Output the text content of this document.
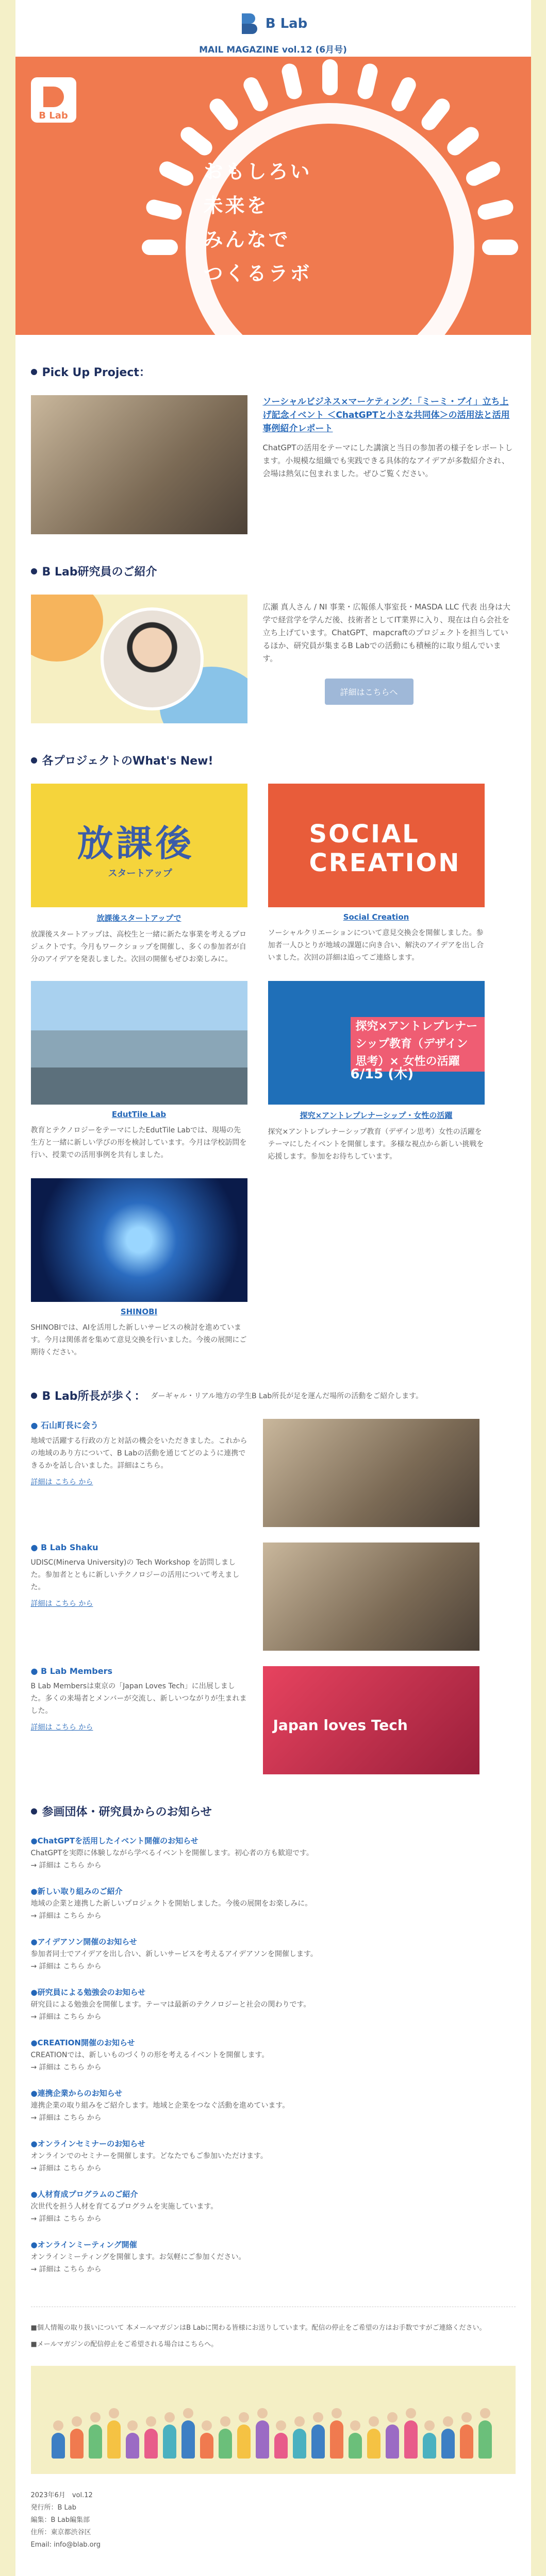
B Lab
MAIL MAGAZINE vol.12 (6月号)
B Lab
おもしろい
未来を
みんなで
つくるラボ
Pick Up Project：
ソーシャルビジネス×マーケティング：「ミーミ・ブイ」立ち上げ記念イベント ＜ChatGPTと小さな共同体＞の活用法と活用事例紹介レポート
ChatGPTの活用をテーマにした講演と当日の参加者の様子をレポートします。小規模な組織でも実践できる具体的なアイデアが多数紹介され、会場は熱気に包まれました。ぜひご覧ください。
B Lab研究員のご紹介
広瀬 真人さん / NI 事業・広報係人事室長・MASDA LLC 代表 出身は大学で経営学を学んだ後、技術者としてIT業界に入り、現在は自ら会社を立ち上げています。ChatGPT、mapcraftのプロジェクトを担当しているほか、研究員が集まるB Labでの活動にも積極的に取り組んでいます。
詳細はこちらへ
各プロジェクトのWhat's New!
放課後
スタートアップ
放課後スタートアップで
放課後スタートアップは、高校生と一緒に新たな事業を考えるプロジェクトです。今月もワークショップを開催し、多くの参加者が自分のアイデアを発表しました。次回の開催もぜひお楽しみに。
SOCIAL CREATION
Social Creation
ソーシャルクリエーションについて意見交換会を開催しました。参加者一人ひとりが地域の課題に向き合い、解決のアイデアを出し合いました。次回の詳細は追ってご連絡します。
EdutTile Lab
教育とテクノロジーをテーマにしたEdutTile Labでは、現場の先生方と一緒に新しい学びの形を検討しています。今月は学校訪問を行い、授業での活用事例を共有しました。
探究×アントレプレナーシップ教育（デザイン思考）× 女性の活躍
6/15 (木)
探究×アントレプレナーシップ・女性の活躍
探究×アントレプレナーシップ教育（デザイン思考）女性の活躍をテーマにしたイベントを開催します。多様な視点から新しい挑戦を応援します。参加をお待ちしています。
SHINOBI
SHINOBIでは、AIを活用した新しいサービスの検討を進めています。今月は関係者を集めて意見交換を行いました。今後の展開にご期待ください。
B Lab所長が歩く： ダーギャル・リアル地方の学生B Lab所長が足を運んだ場所の活動をご紹介します。
● 石山町長に会う

地域で活躍する行政の方と対話の機会をいただきました。これからの地域のあり方について、B Labの活動を通じてどのように連携できるかを話し合いました。詳細はこちら。

詳細は こちら から

● B Lab Shaku

UDISC(Minerva University)の Tech Workshop を訪問しました。参加者とともに新しいテクノロジーの活用について考えました。

詳細は こちら から

● B Lab Members

B Lab Membersは東京の「Japan Loves Tech」に出展しました。多くの来場者とメンバーが交流し、新しいつながりが生まれました。

詳細は こちら から	Japan loves Tech
参画団体・研究員からのお知らせ
●ChatGPTを活用したイベント開催のお知らせ

ChatGPTを実際に体験しながら学べるイベントを開催します。初心者の方も歓迎です。

→ 詳細は こちら から

●新しい取り組みのご紹介

地域の企業と連携した新しいプロジェクトを開始しました。今後の展開をお楽しみに。

→ 詳細は こちら から

●アイデアソン開催のお知らせ

参加者同士でアイデアを出し合い、新しいサービスを考えるアイデアソンを開催します。

→ 詳細は こちら から

●研究員による勉強会のお知らせ

研究員による勉強会を開催します。テーマは最新のテクノロジーと社会の関わりです。

→ 詳細は こちら から

●CREATION開催のお知らせ

CREATIONでは、新しいものづくりの形を考えるイベントを開催します。

→ 詳細は こちら から

●連携企業からのお知らせ

連携企業の取り組みをご紹介します。地域と企業をつなぐ活動を進めています。

→ 詳細は こちら から

●オンラインセミナーのお知らせ

オンラインでのセミナーを開催します。どなたでもご参加いただけます。

→ 詳細は こちら から

●人材育成プログラムのご紹介

次世代を担う人材を育てるプログラムを実施しています。

→ 詳細は こちら から

●オンラインミーティング開催

オンラインミーティングを開催します。お気軽にご参加ください。

→ 詳細は こちら から

■個人情報の取り扱いについて 本メールマガジンはB Labに関わる皆様にお送りしています。配信の停止をご希望の方はお手数ですがご連絡ください。

■メールマガジンの配信停止をご希望される場合はこちらへ。

2023年6月　vol.12
発行所：B Lab
編集：B Lab編集部
住所：東京都渋谷区
Email: info@blab.org
